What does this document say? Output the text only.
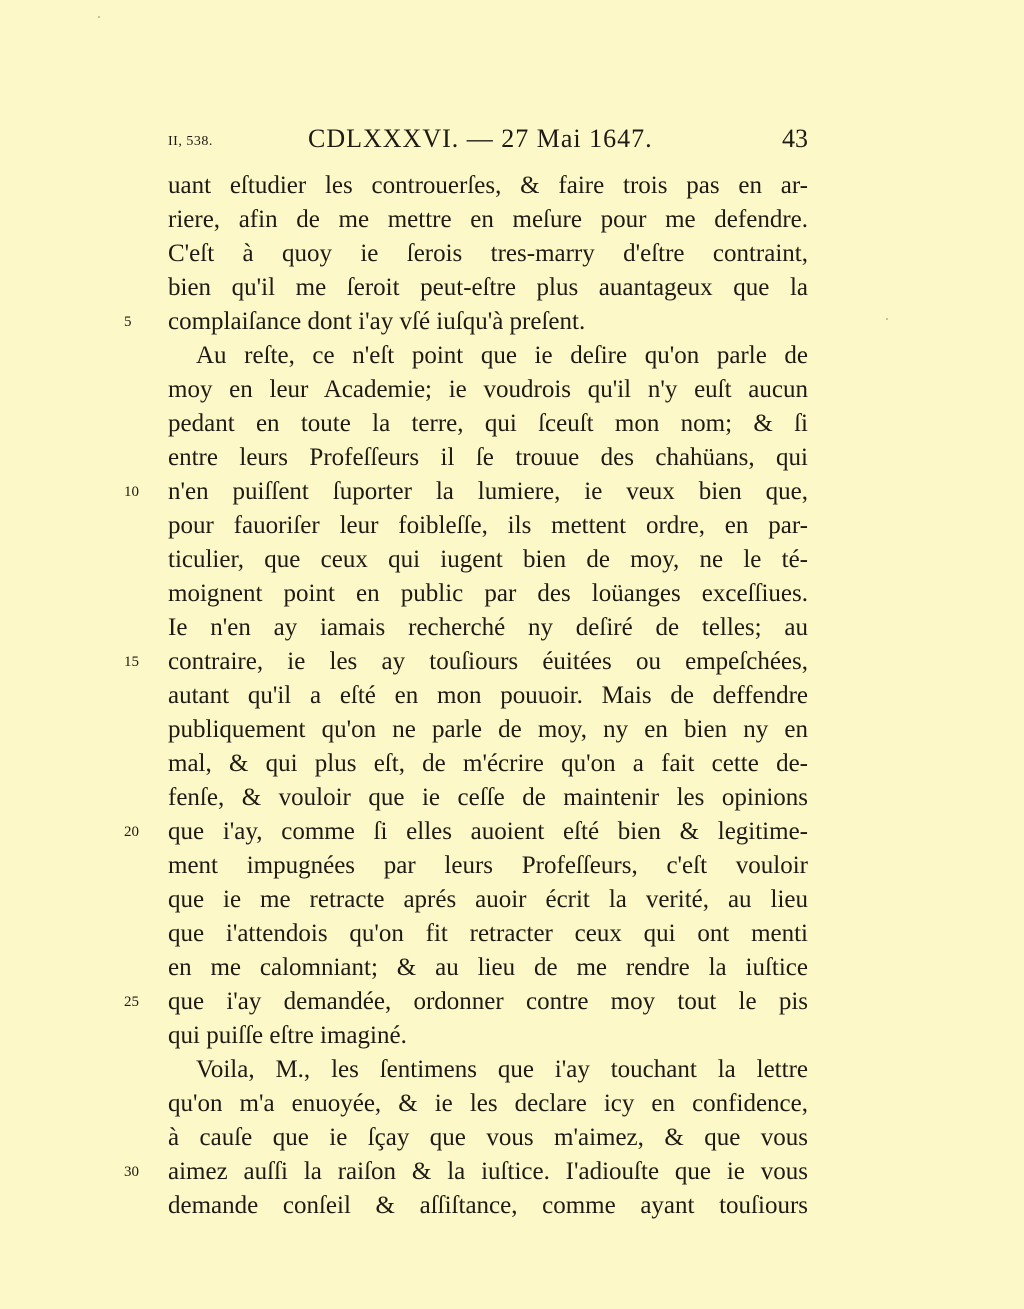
II, 538.	CDLXXXVI. — 27 Mai 1647.	43
uant eſtudier les controuerſes, & faire trois pas en ar-
riere, afin de me mettre en meſure pour me defendre.
C'eſt à quoy ie ſerois tres-marry d'eſtre contraint,
bien qu'il me ſeroit peut-eſtre plus auantageux que la
5	complaiſance dont i'ay vſé iuſqu'à preſent.
Au reſte, ce n'eſt point que ie deſire qu'on parle de
moy en leur Academie; ie voudrois qu'il n'y euſt aucun
pedant en toute la terre, qui ſceuſt mon nom; & ſi
entre leurs Profeſſeurs il ſe trouue des chahüans, qui
10	n'en puiſſent ſuporter la lumiere, ie veux bien que,
pour fauoriſer leur foibleſſe, ils mettent ordre, en par-
ticulier, que ceux qui iugent bien de moy, ne le té-
moignent point en public par des loüanges exceſſiues.
Ie n'en ay iamais recherché ny deſiré de telles; au
15	contraire, ie les ay touſiours éuitées ou empeſchées,
autant qu'il a eſté en mon pouuoir. Mais de deffendre
publiquement qu'on ne parle de moy, ny en bien ny en
mal, & qui plus eſt, de m'écrire qu'on a fait cette de-
fenſe, & vouloir que ie ceſſe de maintenir les opinions
20	que i'ay, comme ſi elles auoient eſté bien & legitime-
ment impugnées par leurs Profeſſeurs, c'eſt vouloir
que ie me retracte aprés auoir écrit la verité, au lieu
que i'attendois qu'on fit retracter ceux qui ont menti
en me calomniant; & au lieu de me rendre la iuſtice
25	que i'ay demandée, ordonner contre moy tout le pis
qui puiſſe eſtre imaginé.
Voila, M., les ſentimens que i'ay touchant la lettre
qu'on m'a enuoyée, & ie les declare icy en confidence,
à cauſe que ie ſçay que vous m'aimez, & que vous
30	aimez auſſi la raiſon & la iuſtice. I'adiouſte que ie vous
demande conſeil & aſſiſtance, comme ayant touſiours
